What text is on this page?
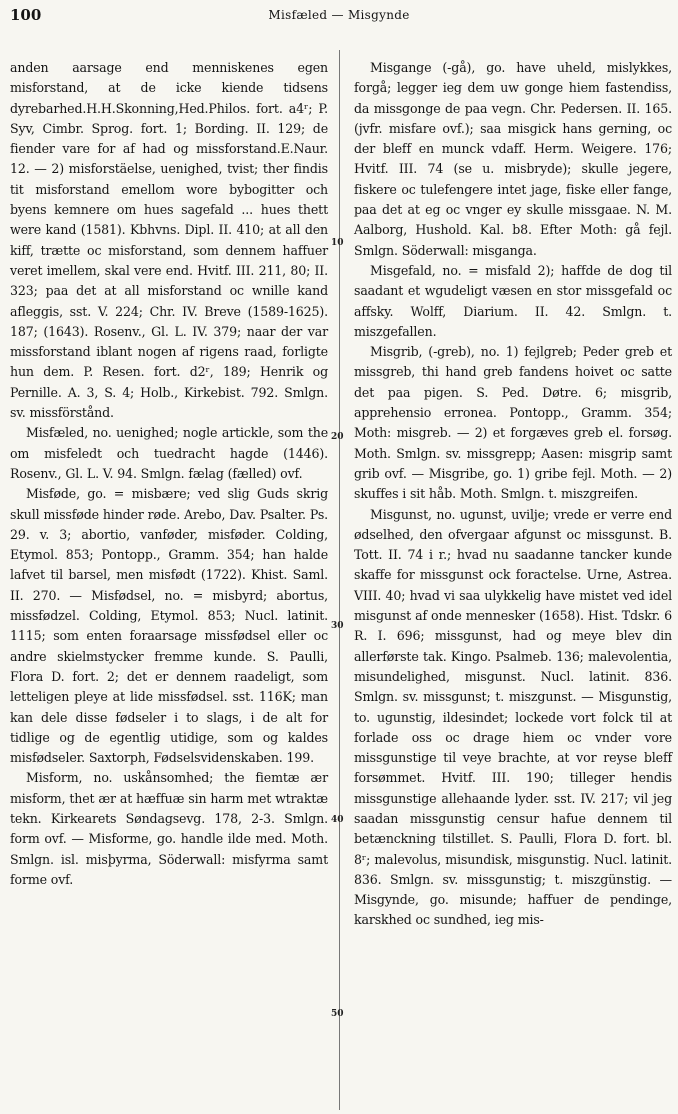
100	Misfæled — Misgynde

anden aarsage end menniskenes egen misforstand, at de icke kiende tidsens dyrebarhed.H.H.Skonning,Hed.Philos. fort. a4ʳ; P. Syv, Cimbr. Sprog. fort. 1; Bording. II. 129; de fiender vare for af had og missforstand.E.Naur. 12. — 2) misforstäelse, uenighed, tvist; ther findis tit misforstand emellom wore bybogitter och byens kemnere om hues sagefald ... hues thett were kand (1581). Kbhvns. Dipl. II. 410; at all den kiff, trætte oc misforstand, som dennem haffuer veret imellem, skal vere end. Hvitf. III. 211, 80; II. 323; paa det at all misforstand oc wnille kand afleggis, sst. V. 224; Chr. IV. Breve (1589-1625). 187; (1643). Rosenv., Gl. L. IV. 379; naar der var missforstand iblant nogen af rigens raad, forligte hun dem. P. Resen. fort. d2ʳ, 189; Henrik og Pernille. A. 3, S. 4; Holb., Kirkebist. 792. Smlgn. sv. missförstånd.

Misfæled, no. uenighed; nogle artickle, som the om misfeledt och tuedracht hagde (1446). Rosenv., Gl. L. V. 94. Smlgn. fælag (fælled) ovf.

Misføde, go. = misbære; ved slig Guds skrig skull missføde hinder røde. Arebo, Dav. Psalter. Ps. 29. v. 3; abortio, vanføder, misføder. Colding, Etymol. 853; Pontopp., Gramm. 354; han halde lafvet til barsel, men misfødt (1722). Khist. Saml. II. 270. — Misfødsel, no. = misbyrd; abortus, missfødzel. Colding, Etymol. 853; Nucl. latinit. 1115; som enten foraarsage missfødsel eller oc andre skielmstycker fremme kunde. S. Paulli, Flora D. fort. 2; det er dennem raadeligt, som letteligen pleye at lide missfødsel. sst. 116K; man kan dele disse fødseler i to slags, i de alt for tidlige og de egentlig utidige, som og kaldes misfødseler. Saxtorph, Fødselsvidenskaben. 199.

Misform, no. uskånsomhed; the fiemtæ ær misform, thet ær at hæffuæ sin harm met wtraktæ tekn. Kirkearets Søndagsevg. 178, 2-3. Smlgn. form ovf. — Misforme, go. handle ilde med. Moth. Smlgn. isl. misþyrma, Söderwall: misfyrma samt forme ovf.

Misgange (-gå), go. have uheld, mislykkes, forgå; legger ieg dem uw gonge hiem fastendiss, da missgonge de paa vegn. Chr. Pedersen. II. 165. (jvfr. misfare ovf.); saa misgick hans gerning, oc der bleff en munck vdaff. Herm. Weigere. 176; Hvitf. III. 74 (se u. misbryde); skulle jegere, fiskere oc tulefengere intet jage, fiske eller fange, paa det at eg oc vnger ey skulle missgaae. N. M. Aalborg, Hushold. Kal. b8. Efter Moth: gå fejl. Smlgn. Söderwall: misganga.

Misgefald, no. = misfald 2); haffde de dog til saadant et wgudeligt væsen en stor missgefald oc affsky. Wolff, Diarium. II. 42. Smlgn. t. miszgefallen.

Misgrib, (-greb), no. 1) fejlgreb; Peder greb et missgreb, thi hand greb fandens hoivet oc satte det paa pigen. S. Ped. Døtre. 6; misgrib, apprehensio erronea. Pontopp., Gramm. 354; Moth: misgreb. — 2) et forgæves greb el. forsøg. Moth. Smlgn. sv. missgrepp; Aasen: misgrip samt grib ovf. — Misgribe, go. 1) gribe fejl. Moth. — 2) skuffes i sit håb. Moth. Smlgn. t. miszgreifen.

Misgunst, no. ugunst, uvilje; vrede er verre end ødselhed, den ofvergaar afgunst oc missgunst. B. Tott. II. 74 i r.; hvad nu saadanne tancker kunde skaffe for missgunst ock foractelse. Urne, Astrea. VIII. 40; hvad vi saa ulykkelig have mistet ved idel misgunst af onde mennesker (1658). Hist. Tdskr. 6 R. I. 696; missgunst, had og meye blev din allerførste tak. Kingo. Psalmeb. 136; malevolentia, misundelighed, misgunst. Nucl. latinit. 836. Smlgn. sv. missgunst; t. miszgunst. — Misgunstig, to. ugunstig, ildesindet; lockede vort folck til at forlade oss oc drage hiem oc vnder vore missgunstige til veye brachte, at vor reyse bleff forsømmet. Hvitf. III. 190; tilleger hendis missgunstige allehaande lyder. sst. IV. 217; vil jeg saadan missgunstig censur hafue dennem til betænckning tilstillet. S. Paulli, Flora D. fort. bl. 8ʳ; malevolus, misundisk, misgunstig. Nucl. latinit. 836. Smlgn. sv. missgunstig; t. miszgünstig. — Misgynde, go. misunde; haffuer de pendinge, karskhed oc sundhed, ieg mis-

10
20
30
40
50
